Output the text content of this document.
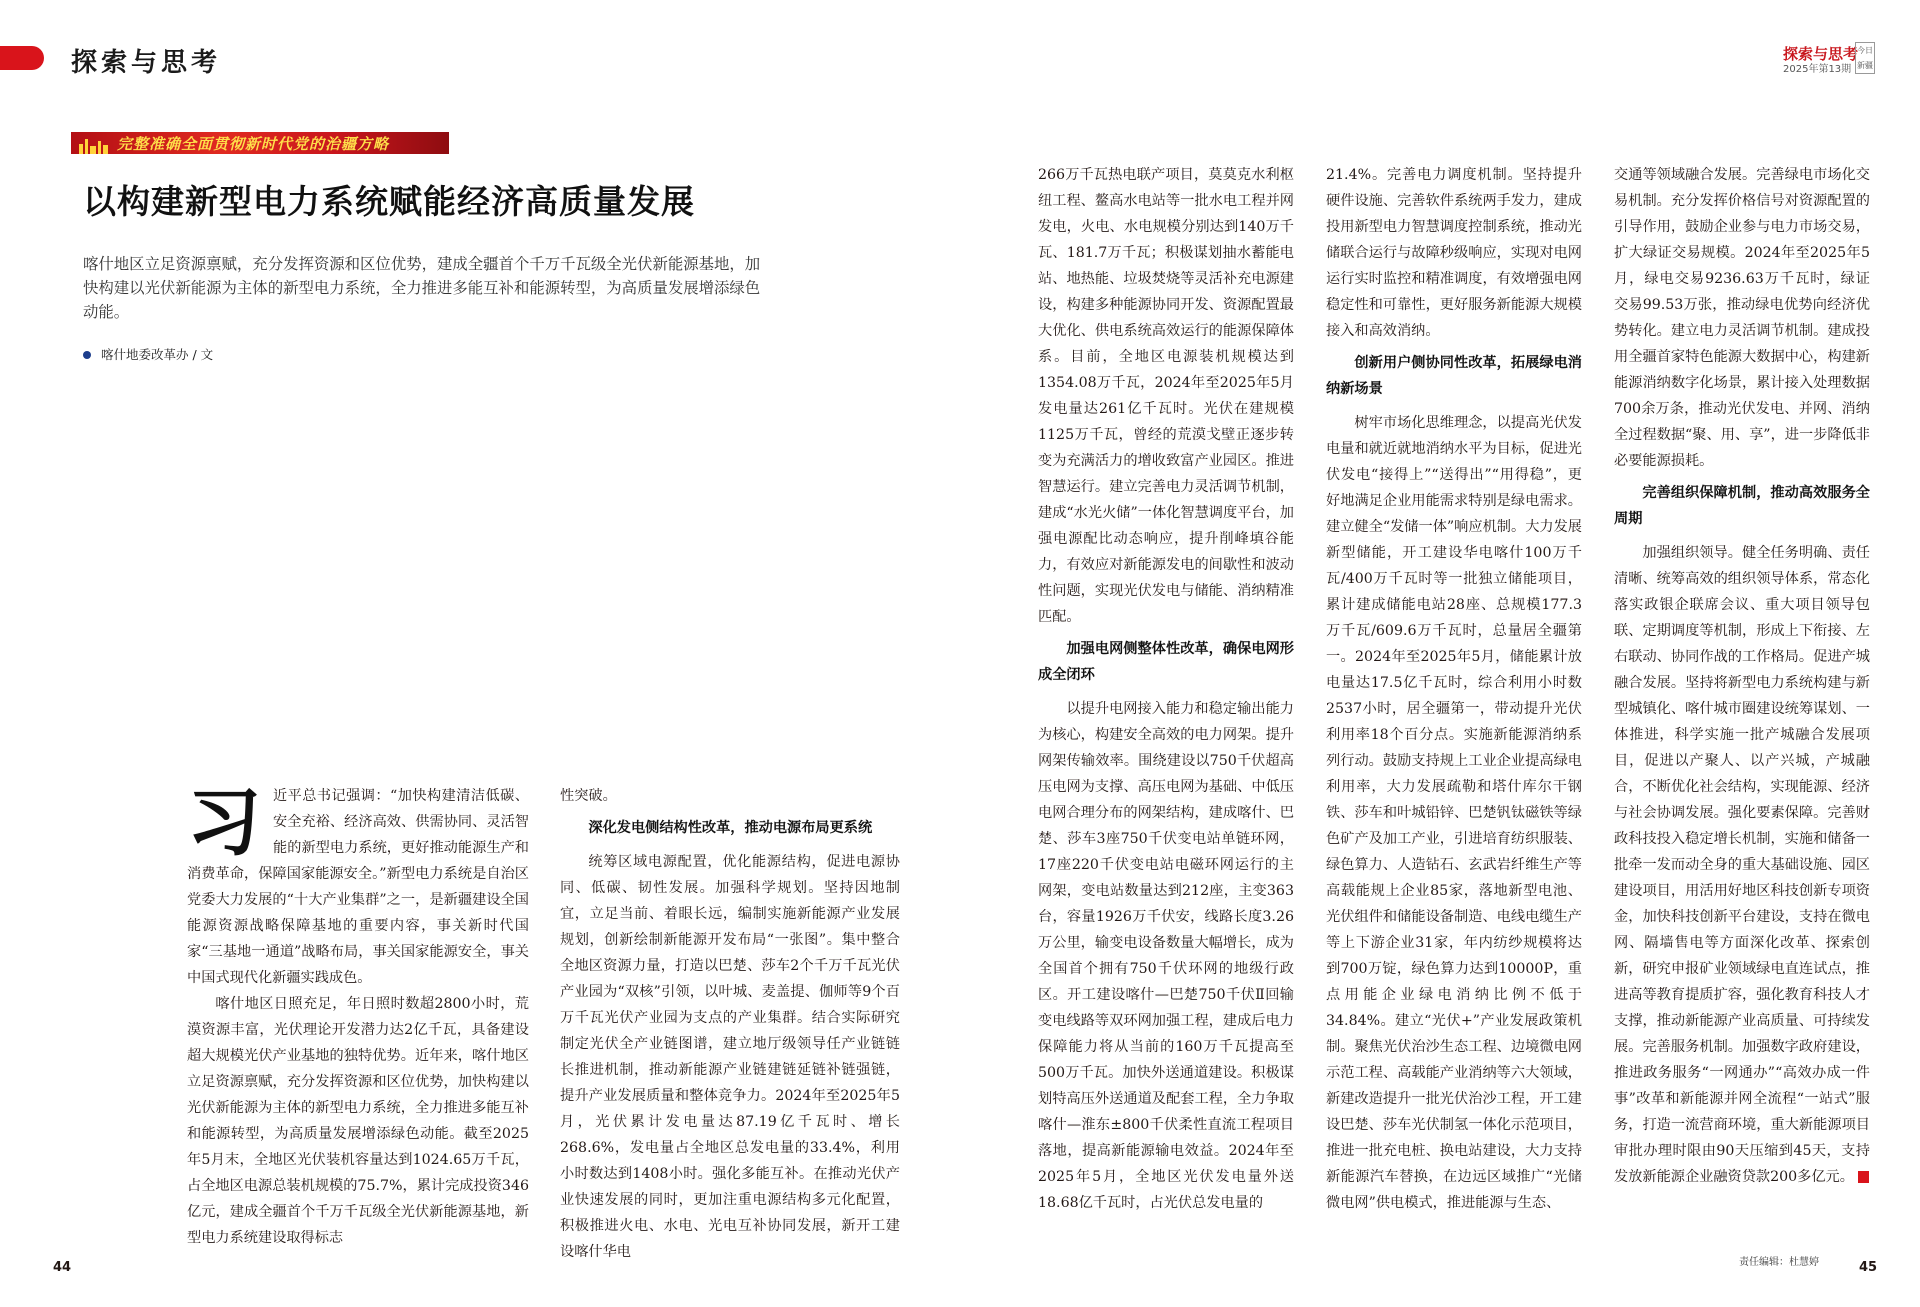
探索与思考	探索与思考
2025年第13期
今日新疆
完整准确全面贯彻新时代党的治疆方略
以构建新型电力系统赋能经济高质量发展
喀什地区立足资源禀赋，充分发挥资源和区位优势，建成全疆首个千万千瓦级全光伏新能源基地，加快构建以光伏新能源为主体的新型电力系统，全力推进多能互补和能源转型，为高质量发展增添绿色动能。
喀什地委改革办 / 文
习 近平总书记强调：“加快构建清洁低碳、安全充裕、经济高效、供需协同、灵活智能的新型电力系统，更好推动能源生产和消费革命，保障国家能源安全。”新型电力系统是自治区党委大力发展的“十大产业集群”之一，是新疆建设全国能源资源战略保障基地的重要内容，事关新时代国家“三基地一通道”战略布局，事关国家能源安全，事关中国式现代化新疆实践成色。

喀什地区日照充足，年日照时数超2800小时，荒漠资源丰富，光伏理论开发潜力达2亿千瓦，具备建设超大规模光伏产业基地的独特优势。近年来，喀什地区立足资源禀赋，充分发挥资源和区位优势，加快构建以光伏新能源为主体的新型电力系统，全力推进多能互补和能源转型，为高质量发展增添绿色动能。截至2025年5月末，全地区光伏装机容量达到1024.65万千瓦，占全地区电源总装机规模的75.7%，累计完成投资346亿元，建成全疆首个千万千瓦级全光伏新能源基地，新型电力系统建设取得标志

性突破。

深化发电侧结构性改革，推动电源布局更系统

统筹区域电源配置，优化能源结构，促进电源协同、低碳、韧性发展。加强科学规划。坚持因地制宜，立足当前、着眼长远，编制实施新能源产业发展规划，创新绘制新能源开发布局“一张图”。集中整合全地区资源力量，打造以巴楚、莎车2个千万千瓦光伏产业园为“双核”引领，以叶城、麦盖提、伽师等9个百万千瓦光伏产业园为支点的产业集群。结合实际研究制定光伏全产业链图谱，建立地厅级领导任产业链链长推进机制，推动新能源产业链建链延链补链强链，提升产业发展质量和整体竞争力。2024年至2025年5月，光伏累计发电量达87.19亿千瓦时、增长268.6%，发电量占全地区总发电量的33.4%，利用小时数达到1408小时。强化多能互补。在推动光伏产业快速发展的同时，更加注重电源结构多元化配置，积极推进火电、水电、光电互补协同发展，新开工建设喀什华电

266万千瓦热电联产项目，莫莫克水利枢纽工程、鳌高水电站等一批水电工程并网发电，火电、水电规模分别达到140万千瓦、181.7万千瓦；积极谋划抽水蓄能电站、地热能、垃圾焚烧等灵活补充电源建设，构建多种能源协同开发、资源配置最大优化、供电系统高效运行的能源保障体系。目前，全地区电源装机规模达到1354.08万千瓦，2024年至2025年5月发电量达261亿千瓦时。光伏在建规模1125万千瓦，曾经的荒漠戈壁正逐步转变为充满活力的增收致富产业园区。推进智慧运行。建立完善电力灵活调节机制，建成“水光火储”一体化智慧调度平台，加强电源配比动态响应，提升削峰填谷能力，有效应对新能源发电的间歇性和波动性问题，实现光伏发电与储能、消纳精准匹配。

加强电网侧整体性改革，确保电网形成全闭环

以提升电网接入能力和稳定输出能力为核心，构建安全高效的电力网架。提升网架传输效率。围绕建设以750千伏超高压电网为支撑、高压电网为基础、中低压电网合理分布的网架结构，建成喀什、巴楚、莎车3座750千伏变电站单链环网，17座220千伏变电站电磁环网运行的主网架，变电站数量达到212座，主变363台，容量1926万千伏安，线路长度3.26万公里，输变电设备数量大幅增长，成为全国首个拥有750千伏环网的地级行政区。开工建设喀什—巴楚750千伏Ⅱ回输变电线路等双环网加强工程，建成后电力保障能力将从当前的160万千瓦提高至500万千瓦。加快外送通道建设。积极谋划特高压外送通道及配套工程，全力争取喀什—淮东±800千伏柔性直流工程项目落地，提高新能源输电效益。2024年至2025年5月，全地区光伏发电量外送18.68亿千瓦时，占光伏总发电量的

21.4%。完善电力调度机制。坚持提升硬件设施、完善软件系统两手发力，建成投用新型电力智慧调度控制系统，推动光储联合运行与故障秒级响应，实现对电网运行实时监控和精准调度，有效增强电网稳定性和可靠性，更好服务新能源大规模接入和高效消纳。

创新用户侧协同性改革，拓展绿电消纳新场景

树牢市场化思维理念，以提高光伏发电量和就近就地消纳水平为目标，促进光伏发电“接得上”“送得出”“用得稳”，更好地满足企业用能需求特别是绿电需求。建立健全“发储一体”响应机制。大力发展新型储能，开工建设华电喀什100万千瓦/400万千瓦时等一批独立储能项目，累计建成储能电站28座、总规模177.3万千瓦/609.6万千瓦时，总量居全疆第一。2024年至2025年5月，储能累计放电量达17.5亿千瓦时，综合利用小时数2537小时，居全疆第一，带动提升光伏利用率18个百分点。实施新能源消纳系列行动。鼓励支持规上工业企业提高绿电利用率，大力发展疏勒和塔什库尔干钢铁、莎车和叶城铅锌、巴楚钒钛磁铁等绿色矿产及加工产业，引进培育纺织服装、绿色算力、人造钻石、玄武岩纤维生产等高载能规上企业85家，落地新型电池、光伏组件和储能设备制造、电线电缆生产等上下游企业31家，年内纺纱规模将达到700万锭，绿色算力达到10000P，重点用能企业绿电消纳比例不低于34.84%。建立“光伏+”产业发展政策机制。聚焦光伏治沙生态工程、边境微电网示范工程、高载能产业消纳等六大领域，新建改造提升一批光伏治沙工程，开工建设巴楚、莎车光伏制氢一体化示范项目，推进一批充电桩、换电站建设，大力支持新能源汽车替换，在边远区域推广“光储微电网”供电模式，推进能源与生态、

交通等领域融合发展。完善绿电市场化交易机制。充分发挥价格信号对资源配置的引导作用，鼓励企业参与电力市场交易，扩大绿证交易规模。2024年至2025年5月，绿电交易9236.63万千瓦时，绿证交易99.53万张，推动绿电优势向经济优势转化。建立电力灵活调节机制。建成投用全疆首家特色能源大数据中心，构建新能源消纳数字化场景，累计接入处理数据700余万条，推动光伏发电、并网、消纳全过程数据“聚、用、享”，进一步降低非必要能源损耗。

完善组织保障机制，推动高效服务全周期

加强组织领导。健全任务明确、责任清晰、统筹高效的组织领导体系，常态化落实政银企联席会议、重大项目领导包联、定期调度等机制，形成上下衔接、左右联动、协同作战的工作格局。促进产城融合发展。坚持将新型电力系统构建与新型城镇化、喀什城市圈建设统筹谋划、一体推进，科学实施一批产城融合发展项目，促进以产聚人、以产兴城，产城融合，不断优化社会结构，实现能源、经济与社会协调发展。强化要素保障。完善财政科技投入稳定增长机制，实施和储备一批牵一发而动全身的重大基础设施、园区建设项目，用活用好地区科技创新专项资金，加快科技创新平台建设，支持在微电网、隔墙售电等方面深化改革、探索创新，研究申报矿业领域绿电直连试点，推进高等教育提质扩容，强化教育科技人才支撑，推动新能源产业高质量、可持续发展。完善服务机制。加强数字政府建设，推进政务服务“一网通办”“高效办成一件事”改革和新能源并网全流程“一站式”服务，打造一流营商环境，重大新能源项目审批办理时限由90天压缩到45天，支持发放新能源企业融资贷款200多亿元。

44	责任编辑：杜慧婷	45
